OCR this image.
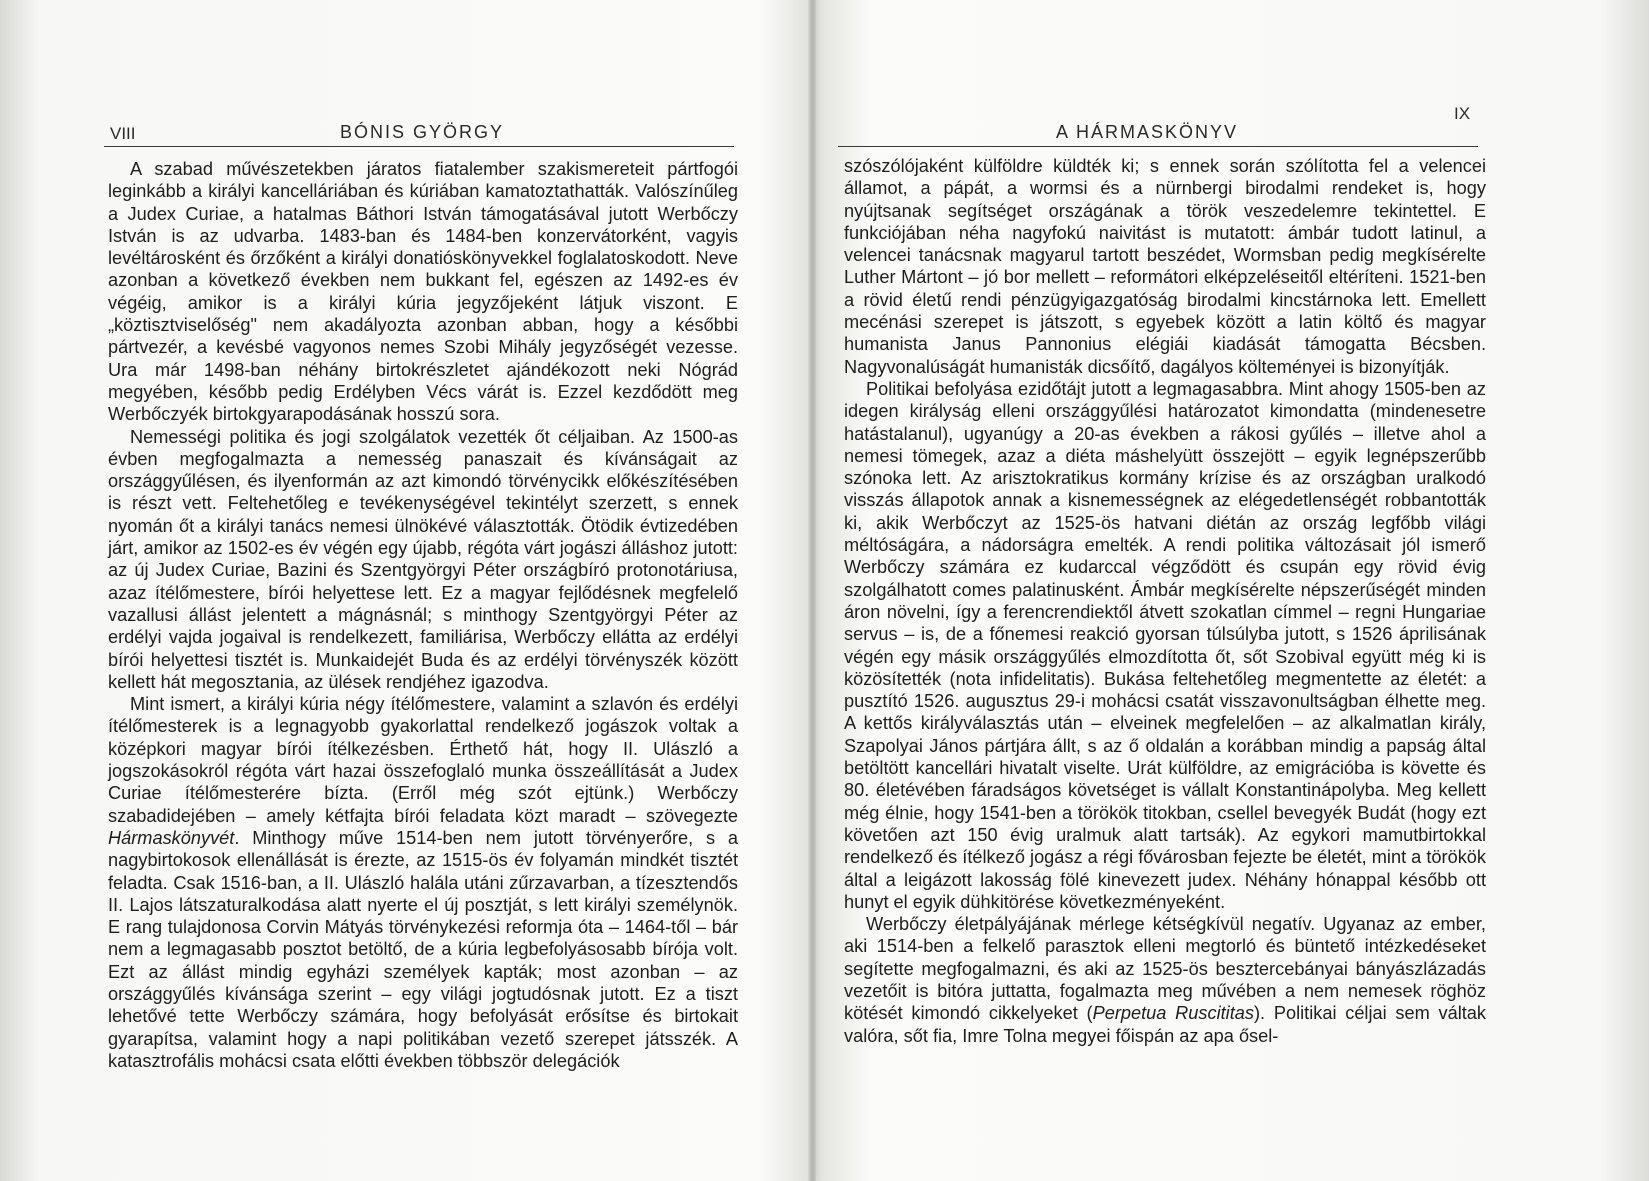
VIII	BÓNIS GYÖRGY

A szabad művészetekben járatos fiatalember szakismereteit pártfogói leginkább a királyi kancelláriában és kúriában kamatoztathatták. Valószínűleg a Judex Curiae, a hatalmas Báthori István támogatásával jutott Werbőczy István is az udvarba. 1483-ban és 1484-ben konzervátorként, vagyis levéltárosként és őrzőként a királyi donatióskönyvekkel foglalatoskodott. Neve azonban a következő években nem bukkant fel, egészen az 1492-es év végéig, amikor is a királyi kúria jegyzőjeként látjuk viszont. E „köztisztviselőség" nem akadályozta azonban abban, hogy a későbbi pártvezér, a kevésbé vagyonos nemes Szobi Mihály jegyzőségét vezesse. Ura már 1498-ban néhány birtokrészletet ajándékozott neki Nógrád megyében, később pedig Erdélyben Vécs várát is. Ezzel kezdődött meg Werbőczyék birtokgyarapodásának hosszú sora.

Nemességi politika és jogi szolgálatok vezették őt céljaiban. Az 1500-as évben megfogalmazta a nemesség panaszait és kívánságait az országgyűlésen, és ilyenformán az azt kimondó törvénycikk előkészítésében is részt vett. Feltehetőleg e tevékenységével tekintélyt szerzett, s ennek nyomán őt a királyi tanács nemesi ülnökévé választották. Ötödik évtizedében járt, amikor az 1502-es év végén egy újabb, régóta várt jogászi álláshoz jutott: az új Judex Curiae, Bazini és Szentgyörgyi Péter országbíró protonotáriusa, azaz ítélőmestere, bírói helyettese lett. Ez a magyar fejlődésnek megfelelő vazallusi állást jelentett a mágnásnál; s minthogy Szentgyörgyi Péter az erdélyi vajda jogaival is rendelkezett, familiárisa, Werbőczy ellátta az erdélyi bírói helyettesi tisztét is. Munkaidejét Buda és az erdélyi törvényszék között kellett hát megosztania, az ülések rendjéhez igazodva.

Mint ismert, a királyi kúria négy ítélőmestere, valamint a szlavón és erdélyi ítélőmesterek is a legnagyobb gyakorlattal rendelkező jogászok voltak a középkori magyar bírói ítélkezésben. Érthető hát, hogy II. Ulászló a jogszokásokról régóta várt hazai összefoglaló munka összeállítását a Judex Curiae ítélőmesterére bízta. (Erről még szót ejtünk.) Werbőczy szabadidejében – amely kétfajta bírói feladata közt maradt – szövegezte Hármaskönyvét. Minthogy műve 1514-ben nem jutott törvényerőre, s a nagybirtokosok ellenállását is érezte, az 1515-ös év folyamán mindkét tisztét feladta. Csak 1516-ban, a II. Ulászló halála utáni zűrzavarban, a tízesztendős II. Lajos látszaturalkodása alatt nyerte el új posztját, s lett királyi személynök. E rang tulajdonosa Corvin Mátyás törvénykezési reformja óta – 1464-től – bár nem a legmagasabb posztot betöltő, de a kúria legbefolyásosabb bírója volt. Ezt az állást mindig egyházi személyek kapták; most azonban – az országgyűlés kívánsága szerint – egy világi jogtudósnak jutott. Ez a tiszt lehetővé tette Werbőczy számára, hogy befolyását erősítse és birtokait gyarapítsa, valamint hogy a napi politikában vezető szerepet játsszék. A katasztrofális mohácsi csata előtti években többször delegációk

A HÁRMASKÖNYV
IX

szószólójaként külföldre küldték ki; s ennek során szólította fel a velencei államot, a pápát, a wormsi és a nürnbergi birodalmi rendeket is, hogy nyújtsanak segítséget országának a török veszedelemre tekintettel. E funkciójában néha nagyfokú naivitást is mutatott: ámbár tudott latinul, a velencei tanácsnak magyarul tartott beszédet, Wormsban pedig megkísérelte Luther Mártont – jó bor mellett – reformátori elképzeléseitől eltéríteni. 1521-ben a rövid életű rendi pénzügyigazgatóság birodalmi kincstárnoka lett. Emellett mecénási szerepet is játszott, s egyebek között a latin költő és magyar humanista Janus Pannonius elégiái kiadását támogatta Bécsben. Nagyvonalúságát humanisták dicsőítő, dagályos költeményei is bizonyítják.

Politikai befolyása ezidőtájt jutott a legmagasabbra. Mint ahogy 1505-ben az idegen királyság elleni országgyűlési határozatot kimondatta (mindenesetre hatástalanul), ugyanúgy a 20-as években a rákosi gyűlés – illetve ahol a nemesi tömegek, azaz a diéta máshelyütt összejött – egyik legnépszerűbb szónoka lett. Az arisztokratikus kormány krízise és az országban uralkodó visszás állapotok annak a kisnemességnek az elégedetlenségét robbantották ki, akik Werbőczyt az 1525-ös hatvani diétán az ország legfőbb világi méltóságára, a nádorságra emelték. A rendi politika változásait jól ismerő Werbőczy számára ez kudarccal végződött és csupán egy rövid évig szolgálhatott comes palatinusként. Ámbár megkísérelte népszerűségét minden áron növelni, így a ferencrendiektől átvett szokatlan címmel – regni Hungariae servus – is, de a főnemesi reakció gyorsan túlsúlyba jutott, s 1526 áprilisának végén egy másik országgyűlés elmozdította őt, sőt Szobival együtt még ki is közösítették (nota infidelitatis). Bukása feltehetőleg megmentette az életét: a pusztító 1526. augusztus 29-i mohácsi csatát visszavonultságban élhette meg. A kettős királyválasztás után – elveinek megfelelően – az alkalmatlan király, Szapolyai János pártjára állt, s az ő oldalán a korábban mindig a papság által betöltött kancellári hivatalt viselte. Urát külföldre, az emigrációba is követte és 80. életévében fáradságos követséget is vállalt Konstantinápolyba. Meg kellett még élnie, hogy 1541-ben a törökök titokban, csellel bevegyék Budát (hogy ezt követően azt 150 évig uralmuk alatt tartsák). Az egykori mamutbirtokkal rendelkező és ítélkező jogász a régi fővárosban fejezte be életét, mint a törökök által a leigázott lakosság fölé kinevezett judex. Néhány hónappal később ott hunyt el egyik dühkitörése következményeként.

Werbőczy életpályájának mérlege kétségkívül negatív. Ugyanaz az ember, aki 1514-ben a felkelő parasztok elleni megtorló és büntető intézkedéseket segítette megfogalmazni, és aki az 1525-ös besztercebányai bányászlázadás vezetőit is bitóra juttatta, fogalmazta meg művében a nem nemesek röghöz kötését kimondó cikkelyeket (Perpetua Ruscititas). Politikai céljai sem váltak valóra, sőt fia, Imre Tolna megyei főispán az apa ősel-
